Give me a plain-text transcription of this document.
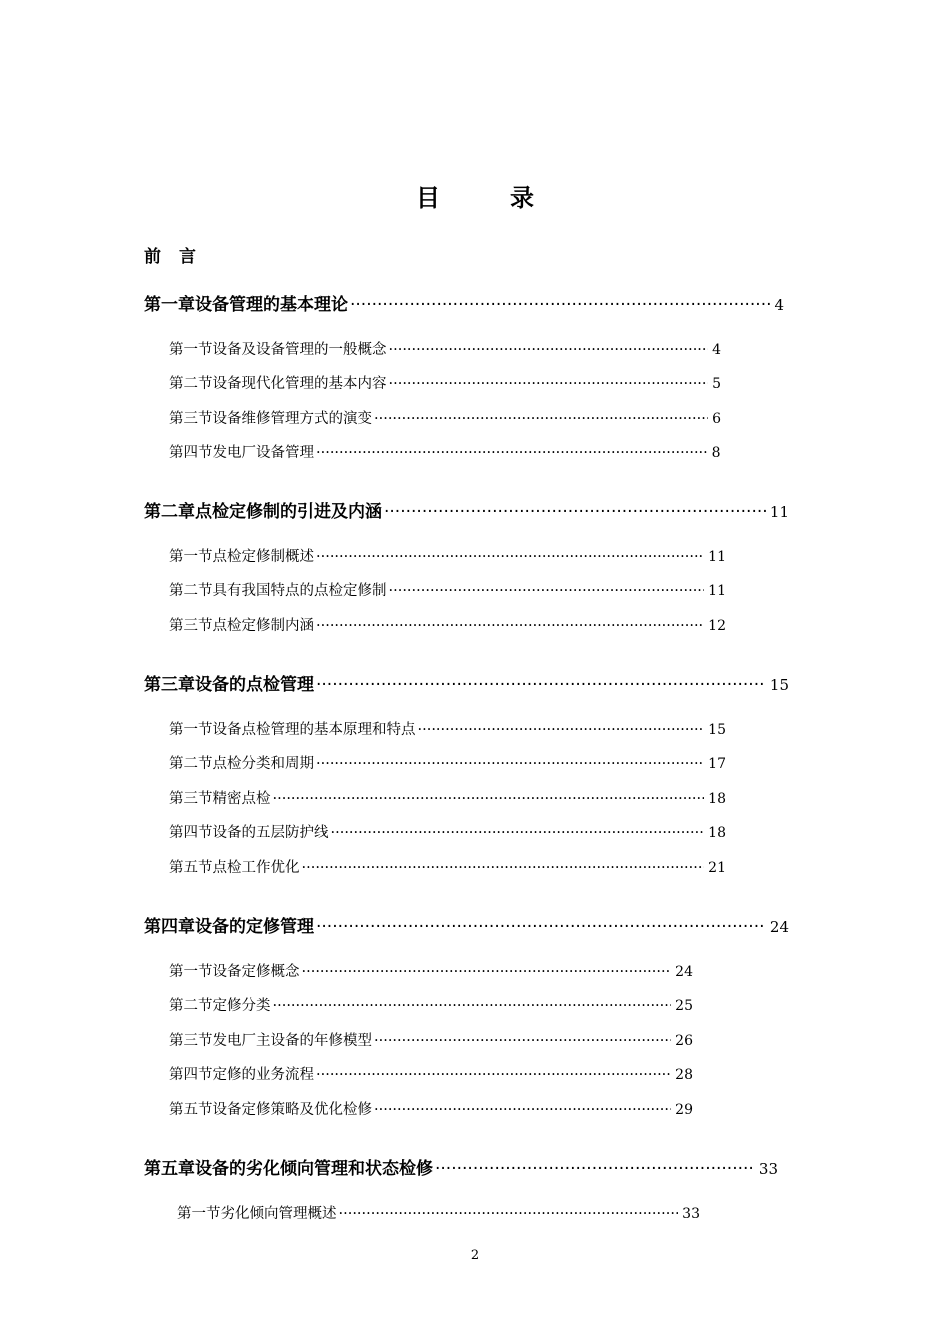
目	录
前 言
第一章 设备管理的基本理论 ·····	4
第一节 设备及设备管理的一般概念 ·····	4
第二节 设备现代化管理的基本内容 ·····	5
第三节 设备维修管理方式的演变 ·····	6
第四节 发电厂设备管理 ·····	8
第二章 点检定修制的引进及内涵 ·····	11
第一节 点检定修制概述 ·····	11
第二节 具有我国特点的点检定修制 ·····	11
第三节 点检定修制内涵 ·····	12
第三章 设备的点检管理 ·····	15
第一节 设备点检管理的基本原理和特点 ·····	15
第二节 点检分类和周期 ·····	17
第三节 精密点检 ·····	18
第四节 设备的五层防护线 ·····	18
第五节 点检工作优化 ·····	21
第四章 设备的定修管理 ·····	24
第一节 设备定修概念 ·····	24
第二节 定修分类 ·····	25
第三节 发电厂主设备的年修模型 ·····	26
第四节 定修的业务流程 ·····	28
第五节 设备定修策略及优化检修 ·····	29
第五章 设备的劣化倾向管理和状态检修 ·····	33
第一节 劣化倾向管理概述 ·····	33
2
